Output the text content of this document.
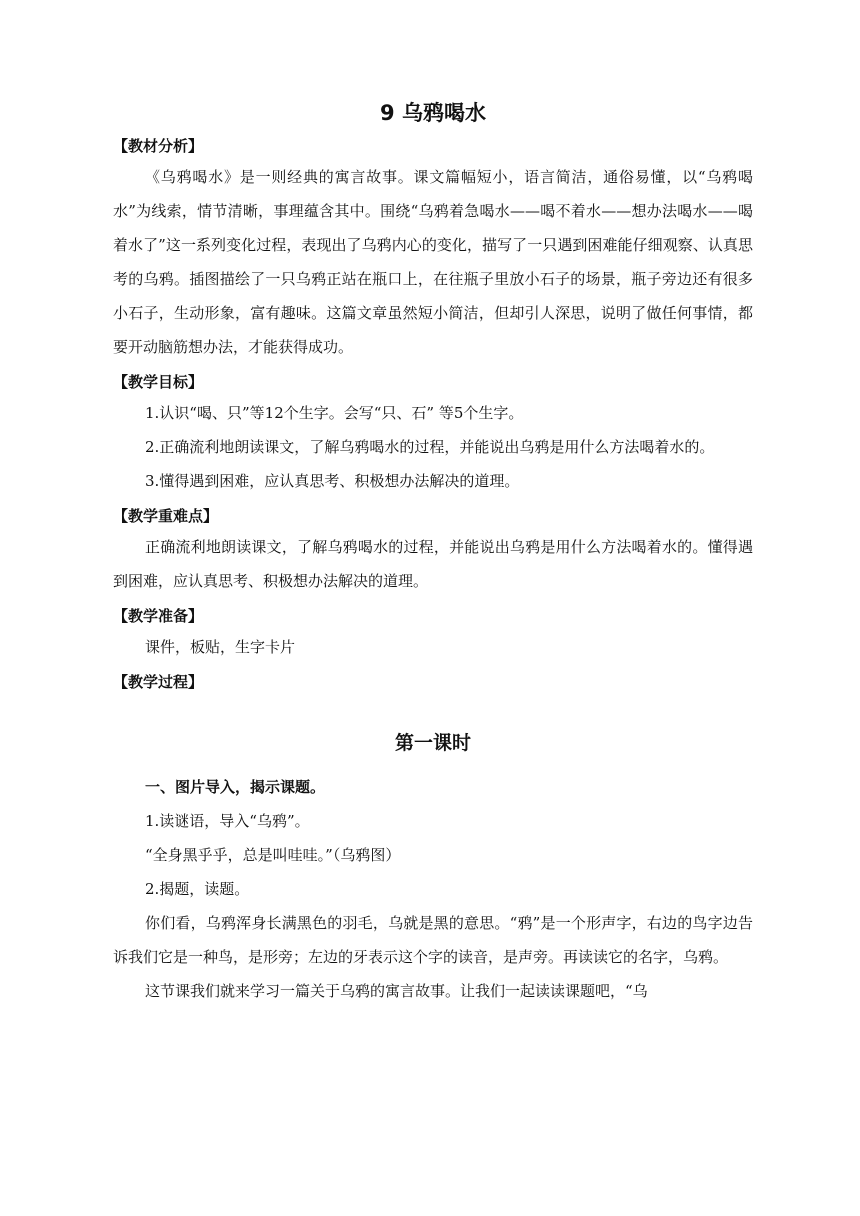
9 乌鸦喝水
【教材分析】

《乌鸦喝水》是一则经典的寓言故事。课文篇幅短小，语言简洁，通俗易懂，以“乌鸦喝水”为线索，情节清晰，事理蕴含其中。围绕“乌鸦着急喝水——喝不着水——想办法喝水——喝着水了”这一系列变化过程，表现出了乌鸦内心的变化，描写了一只遇到困难能仔细观察、认真思考的乌鸦。插图描绘了一只乌鸦正站在瓶口上，在往瓶子里放小石子的场景，瓶子旁边还有很多小石子，生动形象，富有趣味。这篇文章虽然短小简洁，但却引人深思，说明了做任何事情，都要开动脑筋想办法，才能获得成功。

【教学目标】

1.认识“喝、只”等12个生字。会写“只、石” 等5个生字。

2.正确流利地朗读课文，了解乌鸦喝水的过程，并能说出乌鸦是用什么方法喝着水的。

3.懂得遇到困难，应认真思考、积极想办法解决的道理。

【教学重难点】

正确流利地朗读课文，了解乌鸦喝水的过程，并能说出乌鸦是用什么方法喝着水的。懂得遇到困难，应认真思考、积极想办法解决的道理。

【教学准备】

课件，板贴，生字卡片

【教学过程】
第一课时

一、图片导入，揭示课题。

1.读谜语，导入“乌鸦”。

“全身黑乎乎，总是叫哇哇。”（乌鸦图）

2.揭题，读题。

你们看，乌鸦浑身长满黑色的羽毛，乌就是黑的意思。“鸦”是一个形声字，右边的鸟字边告诉我们它是一种鸟，是形旁；左边的牙表示这个字的读音，是声旁。再读读它的名字，乌鸦。

这节课我们就来学习一篇关于乌鸦的寓言故事。让我们一起读读课题吧，“乌
